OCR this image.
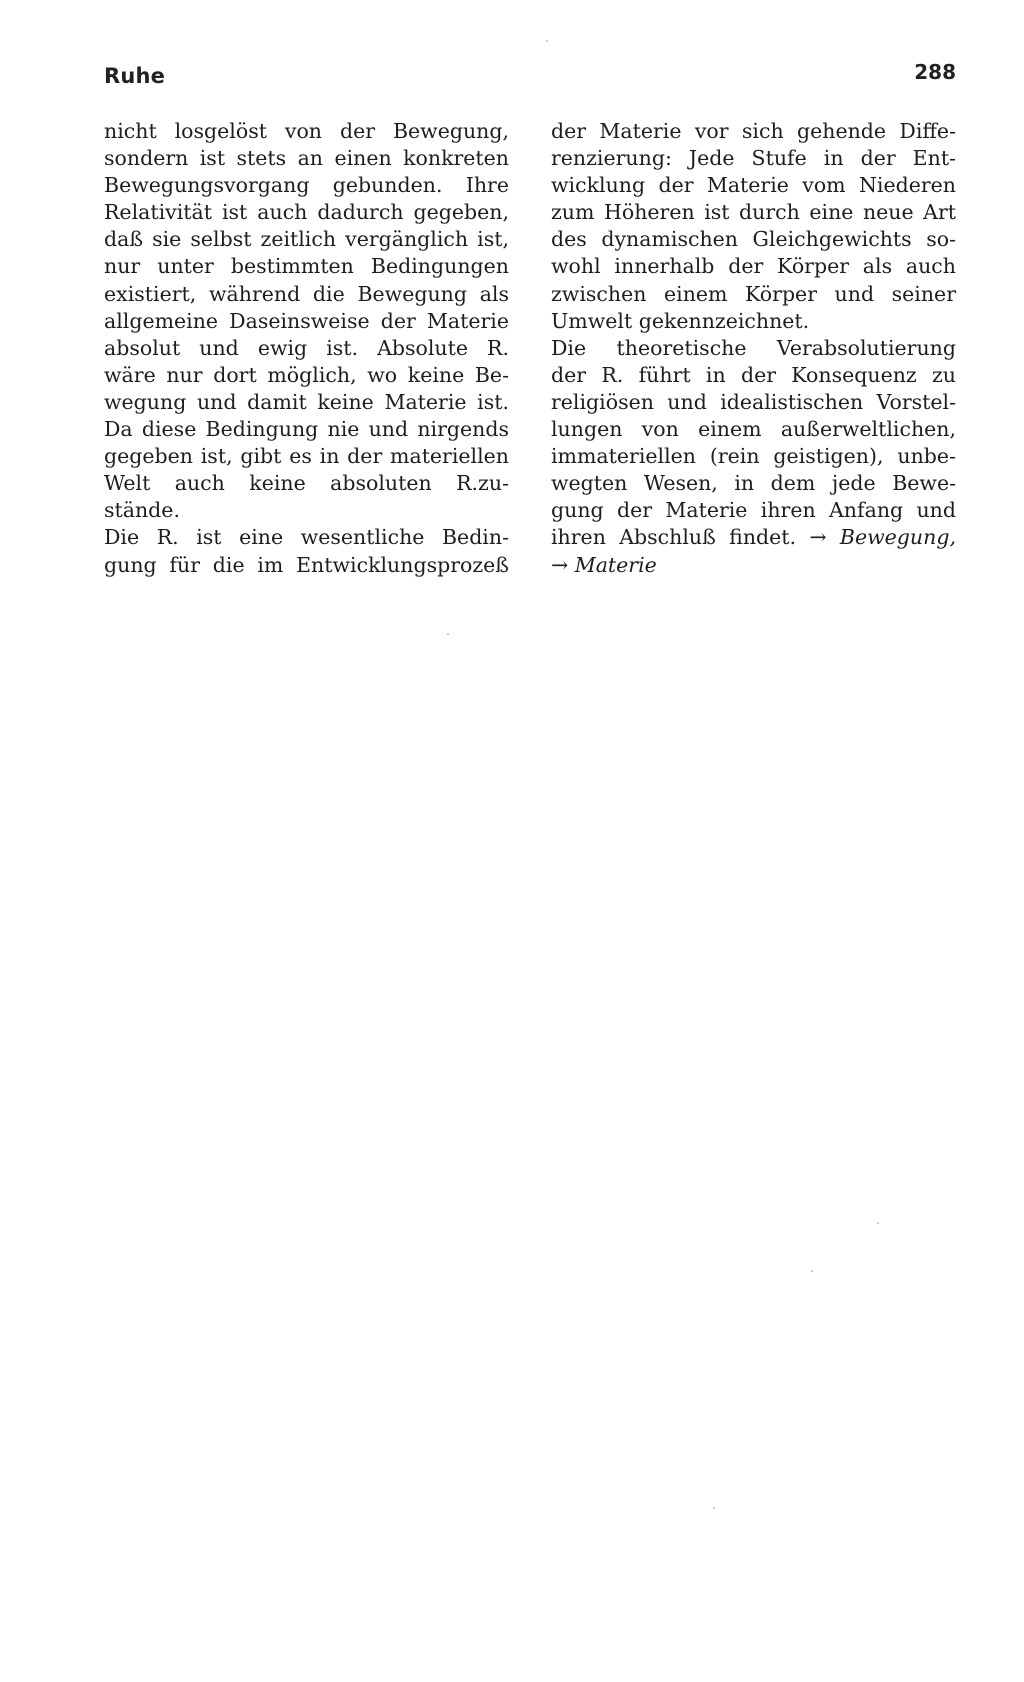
Ruhe	288
nicht losgelöst von der Bewegung,
sondern ist stets an einen konkreten
Bewegungsvorgang gebunden. Ihre
Relativität ist auch dadurch gegeben,
daß sie selbst zeitlich vergänglich ist,
nur unter bestimmten Bedingungen
existiert, während die Bewegung als
allgemeine Daseinsweise der Materie
absolut und ewig ist. Absolute R.
wäre nur dort möglich, wo keine Be-
wegung und damit keine Materie ist.
Da diese Bedingung nie und nirgends
gegeben ist, gibt es in der materiellen
Welt auch keine absoluten R.zu-
stände.
Die R. ist eine wesentliche Bedin-
gung für die im Entwicklungsprozeß
der Materie vor sich gehende Diffe-
renzierung: Jede Stufe in der Ent-
wicklung der Materie vom Niederen
zum Höheren ist durch eine neue Art
des dynamischen Gleichgewichts so-
wohl innerhalb der Körper als auch
zwischen einem Körper und seiner
Umwelt gekennzeichnet.
Die theoretische Verabsolutierung
der R. führt in der Konsequenz zu
religiösen und idealistischen Vorstel-
lungen von einem außerweltlichen,
immateriellen (rein geistigen), unbe-
wegten Wesen, in dem jede Bewe-
gung der Materie ihren Anfang und
ihren Abschluß findet. → Bewegung,
→ Materie
